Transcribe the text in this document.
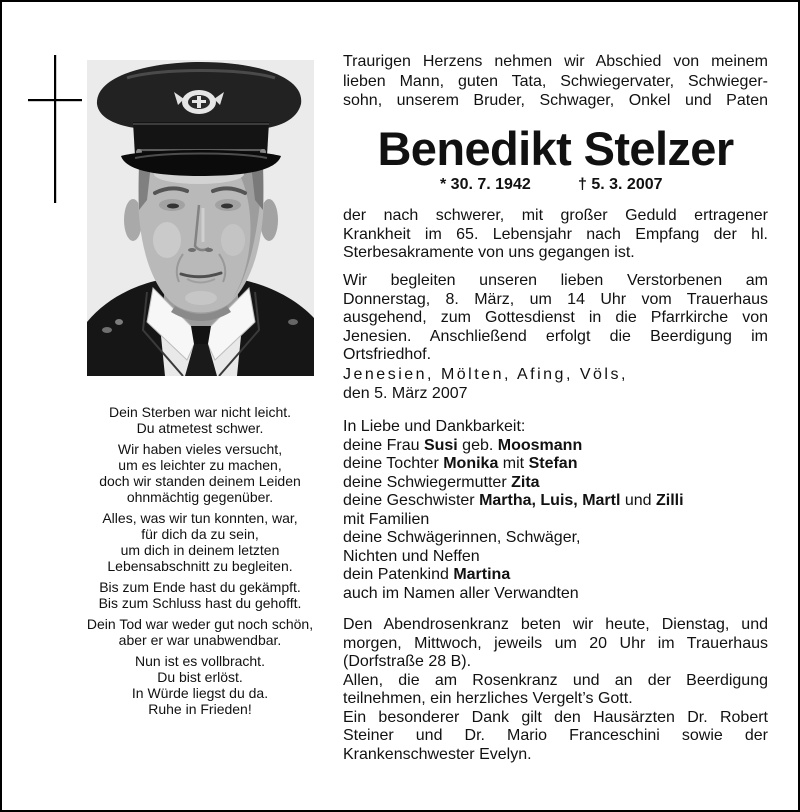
Dein Sterben war nicht leicht.
Du atmetest schwer.
Wir haben vieles versucht,
um es leichter zu machen,
doch wir standen deinem Leiden
ohnmächtig gegenüber.
Alles, was wir tun konnten, war,
für dich da zu sein,
um dich in deinem letzten
Lebensabschnitt zu begleiten.
Bis zum Ende hast du gekämpft.
Bis zum Schluss hast du gehofft.
Dein Tod war weder gut noch schön,
aber er war unabwendbar.
Nun ist es vollbracht.
Du bist erlöst.
In Würde liegst du da.
Ruhe in Frieden!
Traurigen Herzens nehmen wir Abschied von meinem
lieben Mann, guten Tata, Schwiegervater, Schwieger-
sohn, unserem Bruder, Schwager, Onkel und Paten
Benedikt Stelzer
* 30. 7. 1942	† 5. 3. 2007
der nach schwerer, mit großer Geduld ertragener
Krankheit im 65. Lebensjahr nach Empfang der hl.
Sterbesakramente von uns gegangen ist.
Wir begleiten unseren lieben Verstorbenen am
Donnerstag, 8. März, um 14 Uhr vom Trauerhaus
ausgehend, zum Gottesdienst in die Pfarrkirche von
Jenesien. Anschließend erfolgt die Beerdigung im
Ortsfriedhof.
Jenesien, Mölten, Afing, Völs,
den 5. März 2007
In Liebe und Dankbarkeit:
deine Frau Susi geb. Moosmann
deine Tochter Monika mit Stefan
deine Schwiegermutter Zita
deine Geschwister Martha, Luis, Martl und Zilli
mit Familien
deine Schwägerinnen, Schwäger,
Nichten und Neffen
dein Patenkind Martina
auch im Namen aller Verwandten
Den Abendrosenkranz beten wir heute, Dienstag, und
morgen, Mittwoch, jeweils um 20 Uhr im Trauerhaus
(Dorfstraße 28 B).
Allen, die am Rosenkranz und an der Beerdigung
teilnehmen, ein herzliches Vergelt’s Gott.
Ein besonderer Dank gilt den Hausärzten Dr. Robert
Steiner und Dr. Mario Franceschini sowie der
Krankenschwester Evelyn.
